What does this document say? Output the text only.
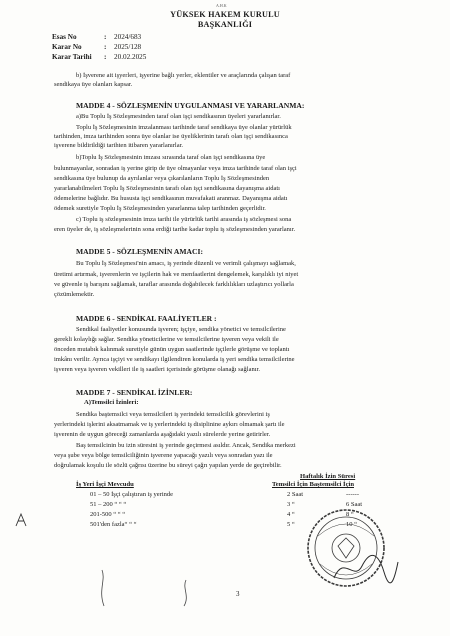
A.H.K
YÜKSEK HAKEM KURULU
BAŞKANLIĞI
Esas No	: 2024/683
Karar No	: 2025/128
Karar Tarihi : 20.02.2025
b) İşverene ait işyerleri, işyerine bağlı yerler, eklentiler ve araçlarında çalışan taraf
sendikaya üye olanları kapsar.
MADDE 4 - SÖZLEŞMENİN UYGULANMASI VE YARARLANMA:
a)Bu Toplu İş Sözleşmesinden taraf olan işçi sendikasının üyeleri yararlanırlar.
Toplu İş Sözleşmesinin imzalanması tarihinde taraf sendikaya üye olanlar yürürlük
tarihinden, imza tarihinden sonra üye olanlar ise üyeliklerinin tarafı olan işçi sendikasınca
işverene bildirildiği tarihten itibaren yararlanırlar.
b)Toplu İş Sözleşmesinin imzası sırasında taraf olan işçi sendikasına üye
bulunmayanlar, sonradan iş yerine girip de üye olmayanlar veya imza tarihinde taraf olan işçi
sendikasına üye bulunup da ayrılanlar veya çıkarılanların Toplu İş Sözleşmesinden
yararlanabilmeleri Toplu İş Sözleşmesinin tarafı olan işçi sendikasına dayanışma aidatı
ödemelerine bağlıdır. Bu hususta işçi sendikasının muvafakati aranmaz. Dayanışma aidatı
ödemek suretiyle Toplu İş Sözleşmesinden yararlanma talep tarihinden geçerlidir.
c) Toplu iş sözleşmesinin imza tarihi ile yürürlük tarihi arasında iş sözleşmesi sona
eren üyeler de, iş sözleşmelerinin sona erdiği tarihe kadar toplu iş sözleşmesinden yararlanır.
MADDE 5 - SÖZLEŞMENİN AMACI:
Bu Toplu İş Sözleşmesi'nin amacı, iş yerinde düzenli ve verimli çalışmayı sağlamak,
üretimi artırmak, işverenlerin ve işçilerin hak ve menfaatlerini dengelemek, karşılıklı iyi niyet
ve güvenle iş barışını sağlamak, taraflar arasında doğabilecek farklılıkları uzlaştırıcı yollarla
çözümlemektir.
MADDE 6 - SENDİKAL FAALİYETLER :
Sendikal faaliyetler konusunda işveren; işçiye, sendika yönetici ve temsilcilerine
gerekli kolaylığı sağlar. Sendika yöneticilerine ve temsilcilerine işveren veya vekili ile
önceden mutabık kalınmak suretiyle günün uygun saatlerinde işçilerle görüşme ve toplantı
imkânı verilir. Ayrıca işçiyi ve sendikayı ilgilendiren konularda iş yeri sendika temsilcilerine
işveren veya işveren vekilleri ile iş saatleri içerisinde görüşme olanağı sağlanır.
MADDE 7 - SENDİKAL İZİNLER:
A)Temsilci İzinleri:
Sendika baştemsilci veya temsilcileri iş yerindeki temsilcilik görevlerini iş
yerlerindeki işlerini aksatmamak ve iş yerlerindeki iş disiplinine aykırı olmamak şartı ile
işverenin de uygun göreceği zamanlarda aşağıdaki yazılı sürelerde yerine getirirler.
Baş temsilcinin bu izin süresini iş yerinde geçirmesi asıldır. Ancak, Sendika merkezi
veya şube veya bölge temsilciliğinin işverene yapacağı yazılı veya sonradan yazı ile
doğrulamak koşulu ile sözlü çağrısı üzerine bu süreyi çağrı yapılan yerde de geçirebilir.
Haftalık İzin Süresi
İş Yeri İşçi Mevcudu	Temsilci İçin Baştemsilci İçin
01 – 50 İşçi çalıştıran iş yerinde	2 Saat	------
51 – 200 “ “ “	3 “	6 Saat
201-500 “ “ “	4 “	8 “
501'den fazla“ “ “	5 “	10 “
3
